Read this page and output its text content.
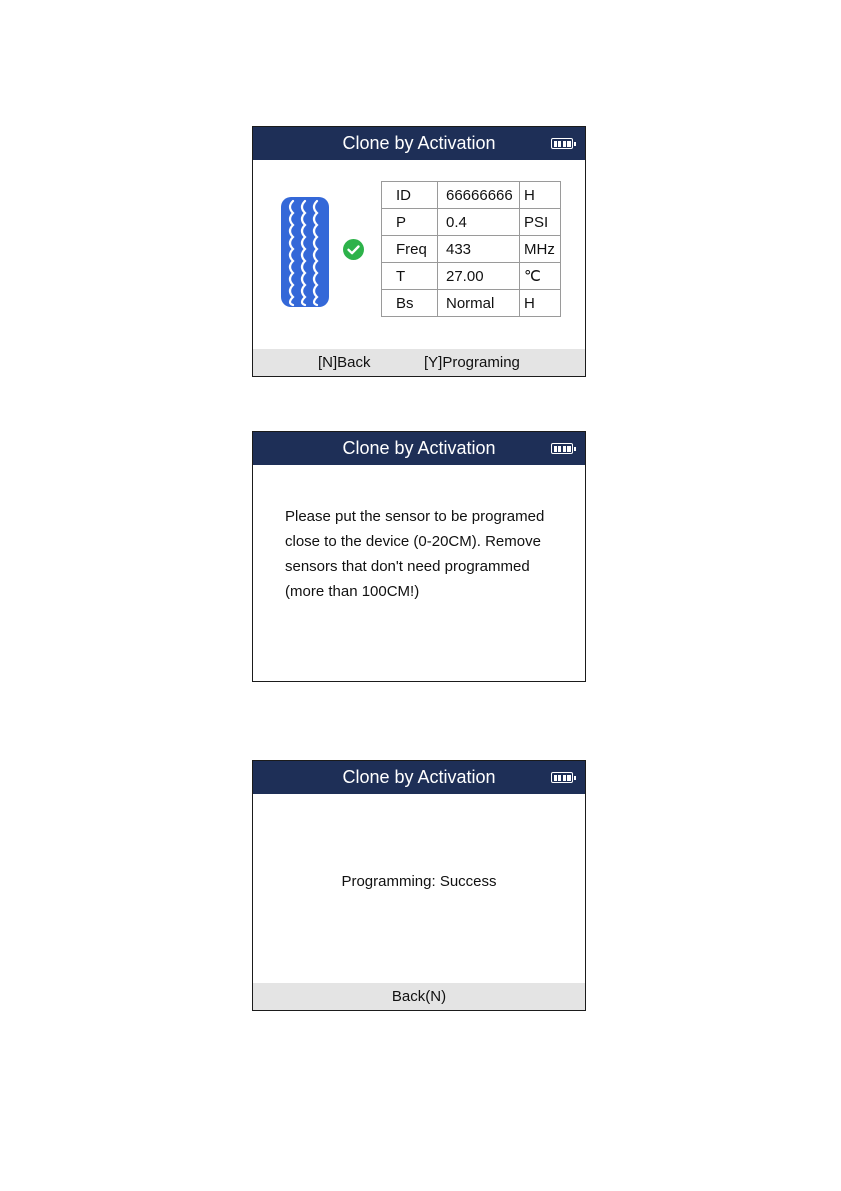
Clone by Activation
ID	66666666	H
P	0.4	PSI
Freq	433	MHz
T	27.00	℃
Bs	Normal	H
[N]Back	[Y]Programing
Clone by Activation
Please put the sensor to be programed
close to the device (0-20CM). Remove
sensors that don't need programmed
(more than 100CM!)
Clone by Activation
Programming: Success
Back(N)
